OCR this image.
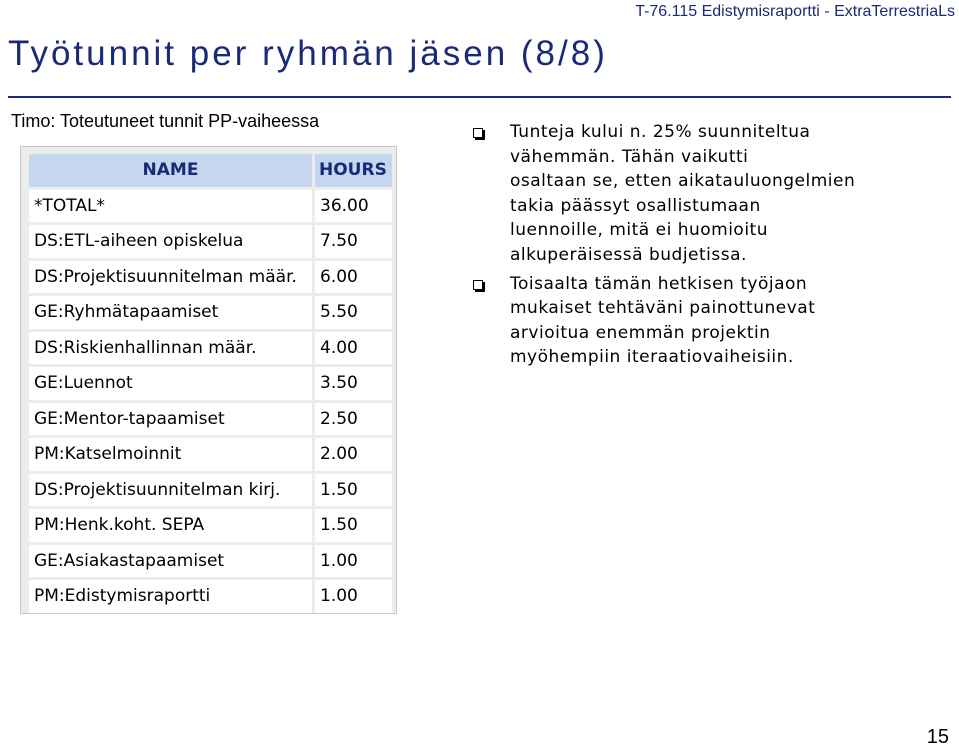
T-76.115 Edistymisraportti - ExtraTerrestriaLs
Työtunnit per ryhmän jäsen (8/8)
Timo: Toteutuneet tunnit PP-vaiheessa
NAME	HOURS
*TOTAL*	36.00
DS:ETL-aiheen opiskelua	7.50
DS:Projektisuunnitelman määr.	6.00
GE:Ryhmätapaamiset	5.50
DS:Riskienhallinnan määr.	4.00
GE:Luennot	3.50
GE:Mentor-tapaamiset	2.50
PM:Katselmoinnit	2.00
DS:Projektisuunnitelman kirj.	1.50
PM:Henk.koht. SEPA	1.50
GE:Asiakastapaamiset	1.00
PM:Edistymisraportti	1.00
Tunteja kului n. 25% suunniteltua
vähemmän. Tähän vaikutti
osaltaan se, etten aikatauluongelmien
takia päässyt osallistumaan
luennoille, mitä ei huomioitu
alkuperäisessä budjetissa.
Toisaalta tämän hetkisen työjaon
mukaiset tehtäväni painottunevat
arvioitua enemmän projektin
myöhempiin iteraatiovaiheisiin.
15
